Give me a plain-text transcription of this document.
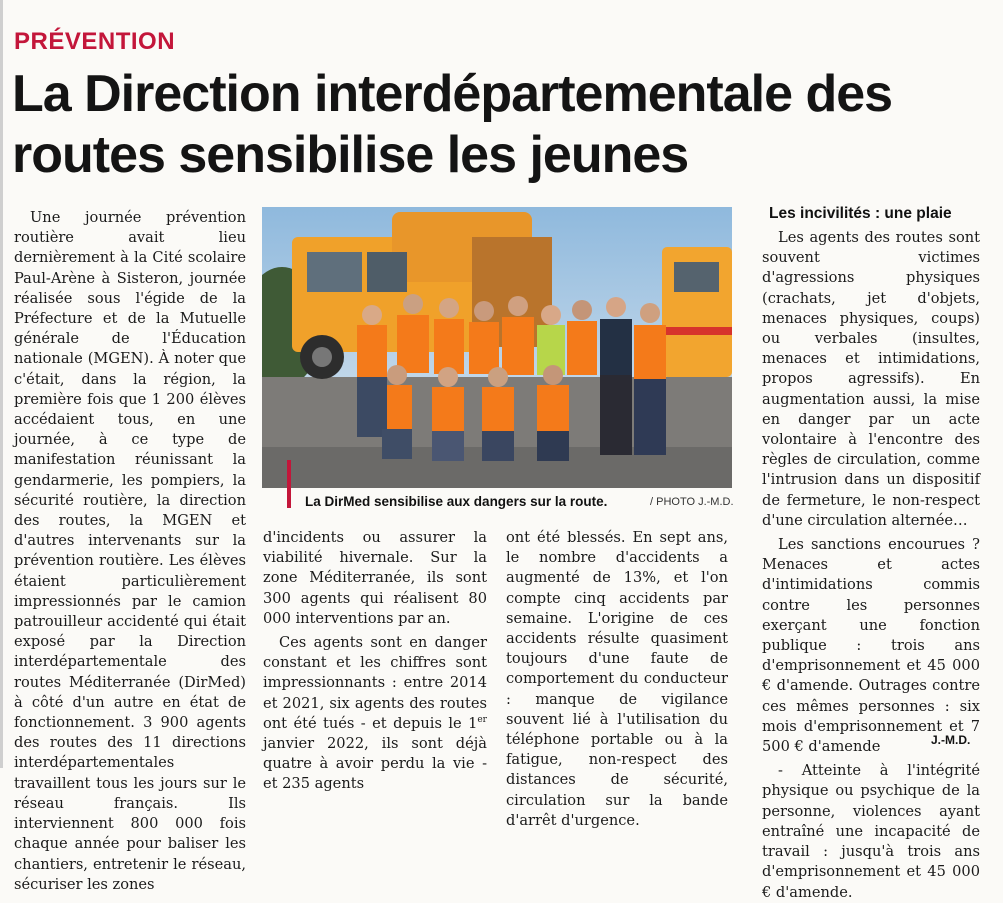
PRÉVENTION
La Direction interdépartementale des routes sensibilise les jeunes

Une journée prévention routière avait lieu dernièrement à la Cité scolaire Paul-Arène à Sisteron, journée réalisée sous l'égide de la Préfecture et de la Mutuelle générale de l'Éducation nationale (MGEN). À noter que c'était, dans la région, la première fois que 1 200 élèves accédaient tous, en une journée, à ce type de manifestation réunissant la gendarmerie, les pompiers, la sécurité routière, la direction des routes, la MGEN et d'autres intervenants sur la prévention routière. Les élèves étaient particulièrement impressionnés par le camion patrouilleur accidenté qui était exposé par la Direction interdépartementale des routes Méditerranée (DirMed) à côté d'un autre en état de fonctionnement. 3 900 agents des routes des 11 directions interdépartementales travaillent tous les jours sur le réseau français. Ils interviennent 800 000 fois chaque année pour baliser les chantiers, entretenir le réseau, sécuriser les zones

La DirMed sensibilise aux dangers sur la route.	/ PHOTO J.-M.D.

d'incidents ou assurer la viabilité hivernale. Sur la zone Méditerranée, ils sont 300 agents qui réalisent 80 000 interventions par an.

Ces agents sont en danger constant et les chiffres sont impressionnants : entre 2014 et 2021, six agents des routes ont été tués - et depuis le 1er janvier 2022, ils sont déjà quatre à avoir perdu la vie - et 235 agents

ont été blessés. En sept ans, le nombre d'accidents a augmenté de 13%, et l'on compte cinq accidents par semaine. L'origine de ces accidents résulte quasiment toujours d'une faute de comportement du conducteur : manque de vigilance souvent lié à l'utilisation du téléphone portable ou à la fatigue, non-respect des distances de sécurité, circulation sur la bande d'arrêt d'urgence.

Les incivilités : une plaie

Les agents des routes sont souvent victimes d'agressions physiques (crachats, jet d'objets, menaces physiques, coups) ou verbales (insultes, menaces et intimidations, propos agressifs). En augmentation aussi, la mise en danger par un acte volontaire à l'encontre des règles de circulation, comme l'intrusion dans un dispositif de fermeture, le non-respect d'une circulation alternée…

Les sanctions encourues ? Menaces et actes d'intimidations commis contre les personnes exerçant une fonction publique : trois ans d'emprisonnement et 45 000 € d'amende. Outrages contre ces mêmes personnes : six mois d'emprisonnement et 7 500 € d'amende

- Atteinte à l'intégrité physique ou psychique de la personne, violences ayant entraîné une incapacité de travail : jusqu'à trois ans d'emprisonnement et 45 000 € d'amende.

J.-M.D.
